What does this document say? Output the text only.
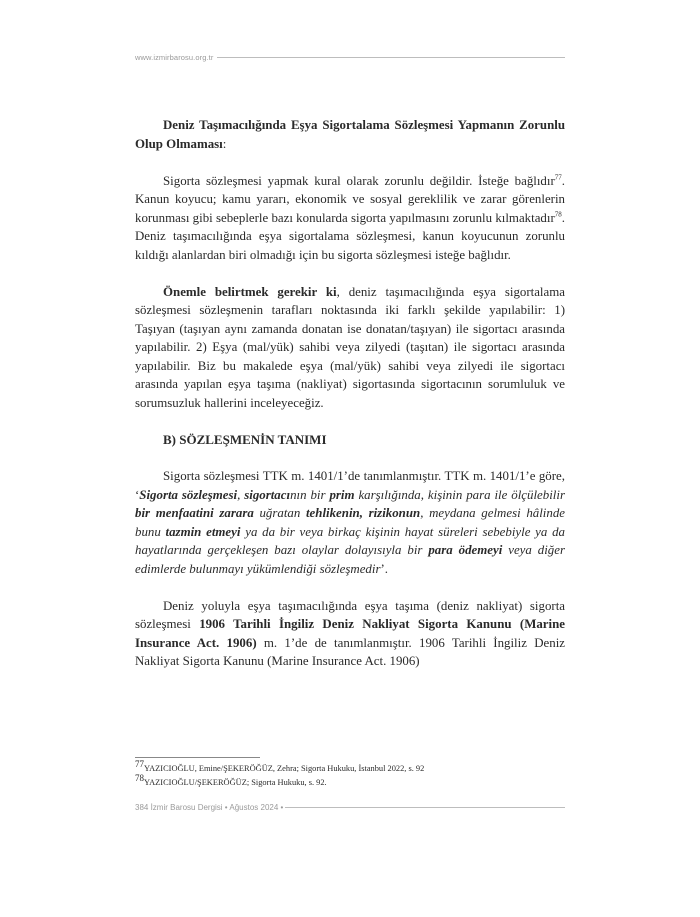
www.izmirbarosu.org.tr

Deniz Taşımacılığında Eşya Sigortalama Sözleşmesi Yapmanın Zorunlu Olup Olmaması:

Sigorta sözleşmesi yapmak kural olarak zorunlu değildir. İsteğe bağlıdır$^{77}$. Kanun koyucu; kamu yararı, ekonomik ve sosyal gereklilik ve zarar görenlerin korunması gibi sebeplerle bazı konularda sigorta yapılmasını zorunlu kılmaktadır$^{78}$. Deniz taşımacılığında eşya sigortalama sözleşmesi, kanun koyucunun zorunlu kıldığı alanlardan biri olmadığı için bu sigorta sözleşmesi isteğe bağlıdır.

Önemle belirtmek gerekir ki, deniz taşımacılığında eşya sigortalama sözleşmesi sözleşmenin tarafları noktasında iki farklı şekilde yapılabilir: 1) Taşıyan (taşıyan aynı zamanda donatan ise donatan/taşıyan) ile sigortacı arasında yapılabilir. 2) Eşya (mal/yük) sahibi veya zilyedi (taşıtan) ile sigortacı arasında yapılabilir. Biz bu makalede eşya (mal/yük) sahibi veya zilyedi ile sigortacı arasında yapılan eşya taşıma (nakliyat) sigortasında sigortacının sorumluluk ve sorumsuzluk hallerini inceleyeceğiz.

B) SÖZLEŞMENİN TANIMI

Sigorta sözleşmesi TTK m. 1401/1’de tanımlanmıştır. TTK m. 1401/1’e göre, ‘Sigorta sözleşmesi, sigortacının bir prim karşılığında, kişinin para ile ölçülebilir bir menfaatini zarara uğratan tehlikenin, rizikonun, meydana gelmesi hâlinde bunu tazmin etmeyi ya da bir veya birkaç kişinin hayat süreleri sebebiyle ya da hayatlarında gerçekleşen bazı olaylar dolayısıyla bir para ödemeyi veya diğer edimlerde bulunmayı yükümlendiği sözleşmedir’.

Deniz yoluyla eşya taşımacılığında eşya taşıma (deniz nakliyat) sigorta sözleşmesi 1906 Tarihli İngiliz Deniz Nakliyat Sigorta Kanunu (Marine Insurance Act. 1906) m. 1’de de tanımlanmıştır. 1906 Tarihli İngiliz Deniz Nakliyat Sigorta Kanunu (Marine Insurance Act. 1906)

$^{77}$YAZICIOĞLU, Emine/ŞEKERÖĞÜZ, Zehra; Sigorta Hukuku, İstanbul 2022, s. 92
$^{78}$YAZICIOĞLU/ŞEKERÖĞÜZ; Sigorta Hukuku, s. 92.
384 İzmir Barosu Dergisi • Ağustos 2024 •
